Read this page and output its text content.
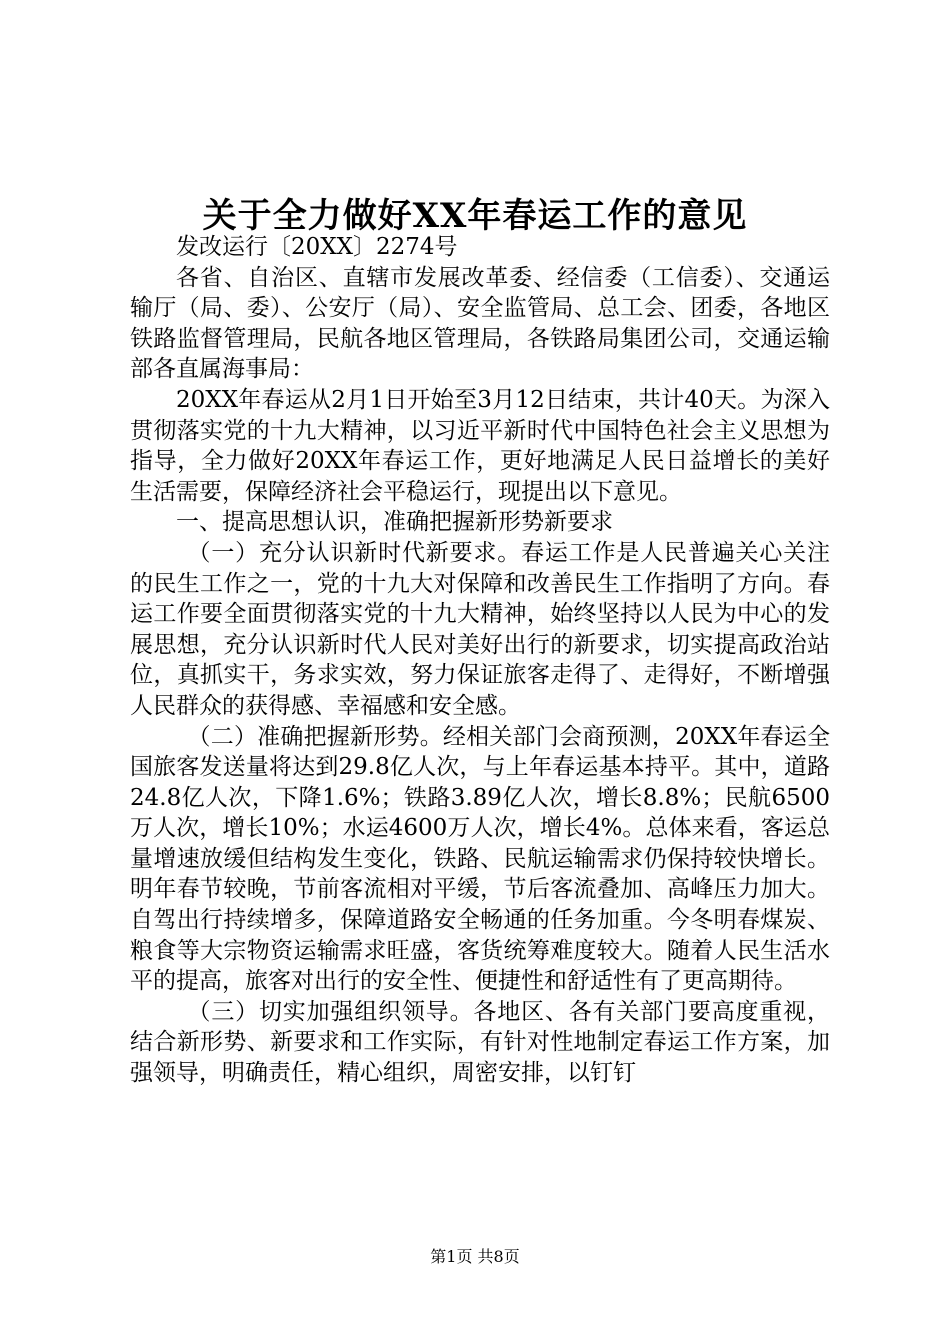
关于全力做好XX年春运工作的意见

发改运行〔20XX〕2274号

各省、自治区、直辖市发展改革委、经信委（工信委）、交通运输厅（局、委）、公安厅（局）、安全监管局、总工会、团委，各地区铁路监督管理局，民航各地区管理局，各铁路局集团公司，交通运输部各直属海事局：

20XX年春运从2月1日开始至3月12日结束，共计40天。为深入贯彻落实党的十九大精神，以习近平新时代中国特色社会主义思想为指导，全力做好20XX年春运工作，更好地满足人民日益增长的美好生活需要，保障经济社会平稳运行，现提出以下意见。

一、提高思想认识，准确把握新形势新要求

（一）充分认识新时代新要求。春运工作是人民普遍关心关注的民生工作之一，党的十九大对保障和改善民生工作指明了方向。春运工作要全面贯彻落实党的十九大精神，始终坚持以人民为中心的发展思想，充分认识新时代人民对美好出行的新要求，切实提高政治站位，真抓实干，务求实效，努力保证旅客走得了、走得好，不断增强人民群众的获得感、幸福感和安全感。

（二）准确把握新形势。经相关部门会商预测，20XX年春运全国旅客发送量将达到29.8亿人次，与上年春运基本持平。其中，道路24.8亿人次，下降1.6%；铁路3.89亿人次，增长8.8%；民航6500万人次，增长10%；水运4600万人次，增长4%。总体来看，客运总量增速放缓但结构发生变化，铁路、民航运输需求仍保持较快增长。明年春节较晚，节前客流相对平缓，节后客流叠加、高峰压力加大。自驾出行持续增多，保障道路安全畅通的任务加重。今冬明春煤炭、粮食等大宗物资运输需求旺盛，客货统筹难度较大。随着人民生活水平的提高，旅客对出行的安全性、便捷性和舒适性有了更高期待。

（三）切实加强组织领导。各地区、各有关部门要高度重视，结合新形势、新要求和工作实际，有针对性地制定春运工作方案，加强领导，明确责任，精心组织，周密安排，以钉钉

第1页 共8页
